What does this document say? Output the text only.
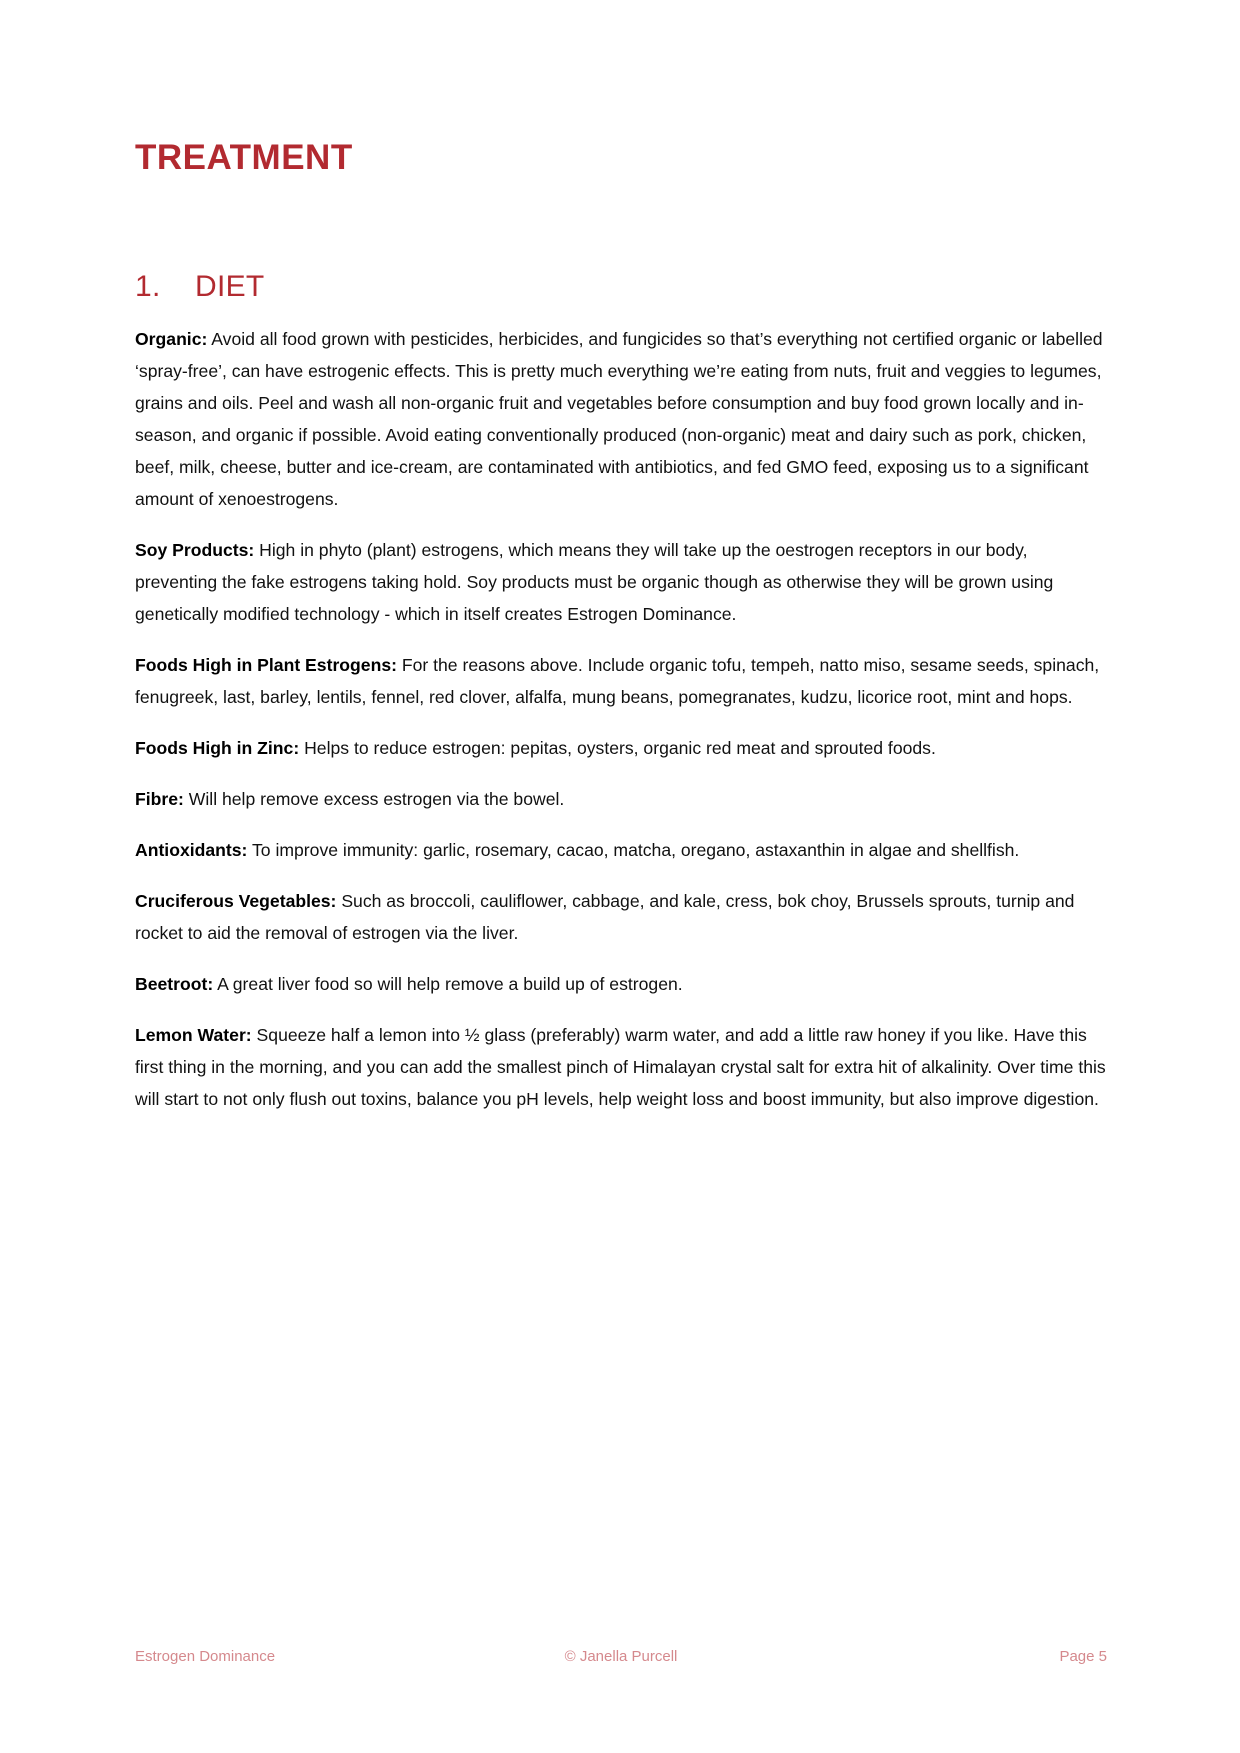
TREATMENT
1. DIET

Organic: Avoid all food grown with pesticides, herbicides, and fungicides so that’s everything not certified organic or labelled ‘spray-free’, can have estrogenic effects. This is pretty much everything we’re eating from nuts, fruit and veggies to legumes, grains and oils. Peel and wash all non-organic fruit and vegetables before consumption and buy food grown locally and in- season, and organic if possible. Avoid eating conventionally produced (non-organic) meat and dairy such as pork, chicken, beef, milk, cheese, butter and ice-cream, are contaminated with antibiotics, and fed GMO feed, exposing us to a significant amount of xenoestrogens.

Soy Products: High in phyto (plant) estrogens, which means they will take up the oestrogen receptors in our body, preventing the fake estrogens taking hold. Soy products must be organic though as otherwise they will be grown using genetically modified technology - which in itself creates Estrogen Dominance.

Foods High in Plant Estrogens: For the reasons above. Include organic tofu, tempeh, natto miso, sesame seeds, spinach, fenugreek, last, barley, lentils, fennel, red clover, alfalfa, mung beans, pomegranates, kudzu, licorice root, mint and hops.

Foods High in Zinc: Helps to reduce estrogen: pepitas, oysters, organic red meat and sprouted foods.

Fibre: Will help remove excess estrogen via the bowel.

Antioxidants: To improve immunity: garlic, rosemary, cacao, matcha, oregano, astaxanthin in algae and shellfish.

Cruciferous Vegetables: Such as broccoli, cauliflower, cabbage, and kale, cress, bok choy, Brussels sprouts, turnip and rocket to aid the removal of estrogen via the liver.

Beetroot: A great liver food so will help remove a build up of estrogen.

Lemon Water: Squeeze half a lemon into ½ glass (preferably) warm water, and add a little raw honey if you like. Have this first thing in the morning, and you can add the smallest pinch of Himalayan crystal salt for extra hit of alkalinity. Over time this will start to not only flush out toxins, balance you pH levels, help weight loss and boost immunity, but also improve digestion.

Estrogen Dominance	© Janella Purcell	Page 5
